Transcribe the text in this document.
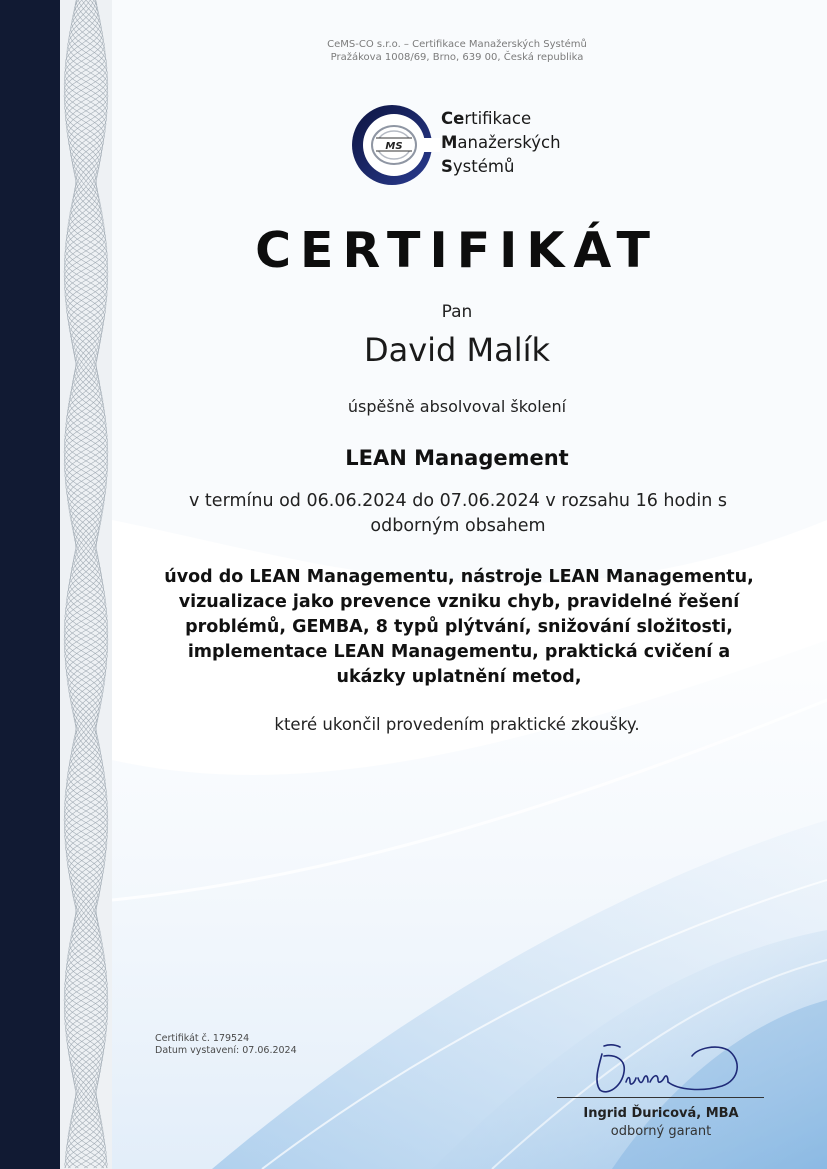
CeMS-CO s.r.o. – Certifikace Manažerských Systémů
Pražákova 1008/69, Brno, 639 00, Česká republika
MS
Certifikace
Manažerských
Systémů
CERTIFIKÁT
Pan
David Malík
úspěšně absolvoval školení
LEAN Management
v termínu od 06.06.2024 do 07.06.2024 v rozsahu 16 hodin s odborným obsahem
úvod do LEAN Managementu, nástroje LEAN Managementu, vizualizace jako prevence vzniku chyb, pravidelné řešení problémů, GEMBA, 8 typů plýtvání, snižování složitosti, implementace LEAN Managementu, praktická cvičení a ukázky uplatnění metod,
které ukončil provedením praktické zkoušky.
Certifikát č. 179524
Datum vystavení: 07.06.2024
Ingrid Ďuricová, MBA
odborný garant
